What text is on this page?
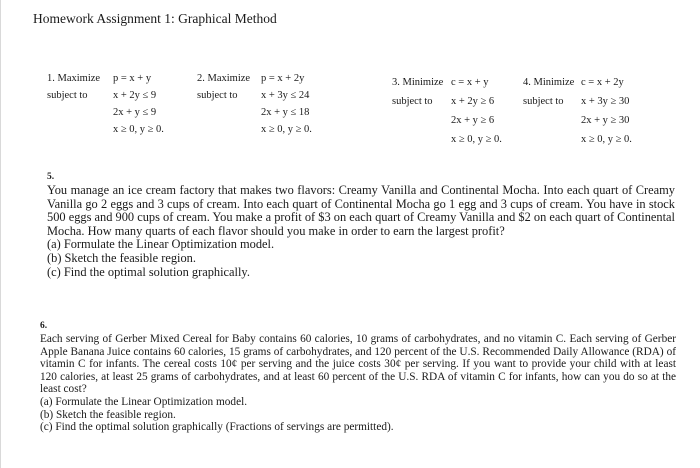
Homework Assignment 1: Graphical Method
1. Maximize	p = x + y
subject to	x + 2y ≤ 9
2x + y ≤ 9
x ≥ 0, y ≥ 0.
2. Maximize	p = x + 2y
subject to	x + 3y ≤ 24
2x + y ≤ 18
x ≥ 0, y ≥ 0.
3. Minimize c = x + y
subject to	x + 2y ≥ 6
2x + y ≥ 6
x ≥ 0, y ≥ 0.
4. Minimize c = x + 2y
subject to	x + 3y ≥ 30
2x + y ≥ 30
x ≥ 0, y ≥ 0.
5.
You manage an ice cream factory that makes two flavors: Creamy Vanilla and Continental Mocha. Into each quart of Creamy Vanilla go 2 eggs and 3 cups of cream. Into each quart of Continental Mocha go 1 egg and 3 cups of cream. You have in stock 500 eggs and 900 cups of cream. You make a profit of $3 on each quart of Creamy Vanilla and $2 on each quart of Continental Mocha. How many quarts of each flavor should you make in order to earn the largest profit?
(a) Formulate the Linear Optimization model.
(b) Sketch the feasible region.
(c) Find the optimal solution graphically.
6.
Each serving of Gerber Mixed Cereal for Baby contains 60 calories, 10 grams of carbohydrates, and no vitamin C. Each serving of Gerber Apple Banana Juice contains 60 calories, 15 grams of carbohydrates, and 120 percent of the U.S. Recommended Daily Allowance (RDA) of vitamin C for infants. The cereal costs 10¢ per serving and the juice costs 30¢ per serving. If you want to provide your child with at least 120 calories, at least 25 grams of carbohydrates, and at least 60 percent of the U.S. RDA of vitamin C for infants, how can you do so at the least cost?
(a) Formulate the Linear Optimization model.
(b) Sketch the feasible region.
(c) Find the optimal solution graphically (Fractions of servings are permitted).
